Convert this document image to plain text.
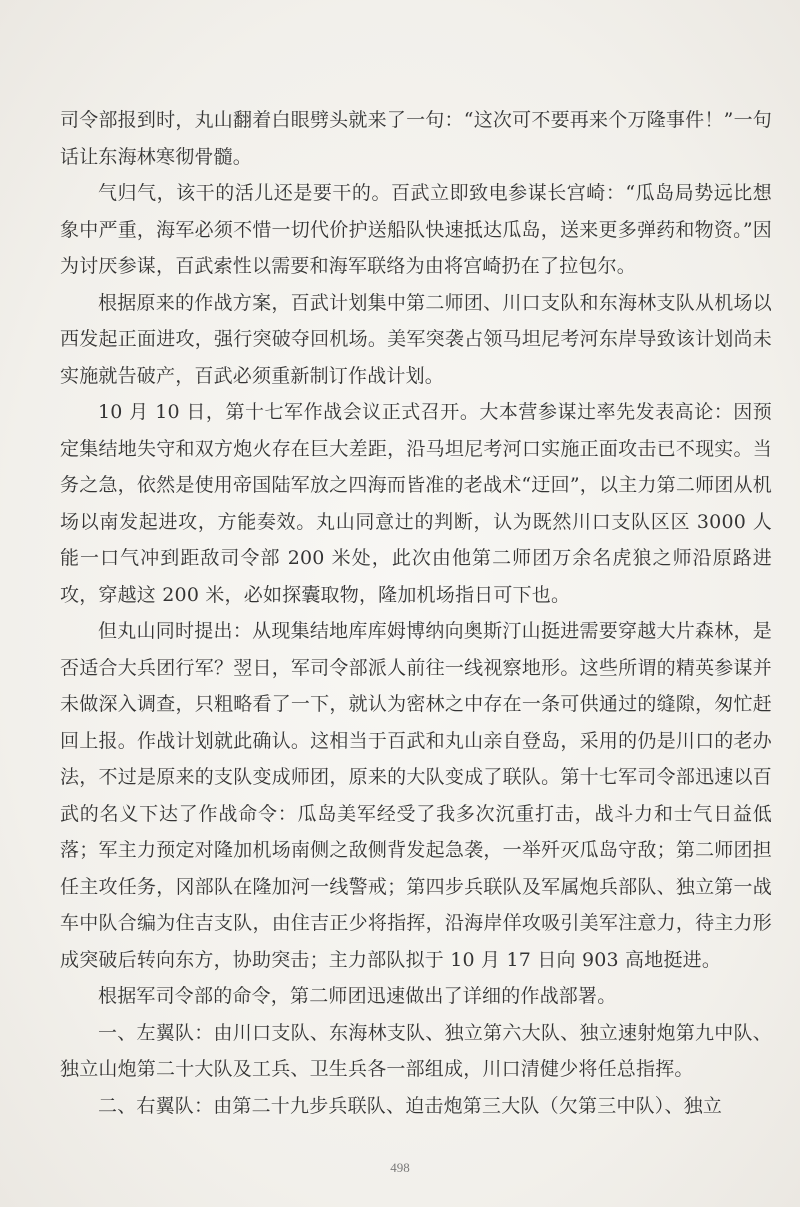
司令部报到时，丸山翻着白眼劈头就来了一句：“这次可不要再来个万隆事件！”一句话让东海林寒彻骨髓。

气归气，该干的活儿还是要干的。百武立即致电参谋长宫崎：“瓜岛局势远比想象中严重，海军必须不惜一切代价护送船队快速抵达瓜岛，送来更多弹药和物资。”因为讨厌参谋，百武索性以需要和海军联络为由将宫崎扔在了拉包尔。

根据原来的作战方案，百武计划集中第二师团、川口支队和东海林支队从机场以西发起正面进攻，强行突破夺回机场。美军突袭占领马坦尼考河东岸导致该计划尚未实施就告破产，百武必须重新制订作战计划。

10 月 10 日，第十七军作战会议正式召开。大本营参谋辻率先发表高论：因预定集结地失守和双方炮火存在巨大差距，沿马坦尼考河口实施正面攻击已不现实。当务之急，依然是使用帝国陆军放之四海而皆准的老战术“迂回”，以主力第二师团从机场以南发起进攻，方能奏效。丸山同意辻的判断，认为既然川口支队区区 3000 人能一口气冲到距敌司令部 200 米处，此次由他第二师团万余名虎狼之师沿原路进攻，穿越这 200 米，必如探囊取物，隆加机场指日可下也。

但丸山同时提出：从现集结地库库姆博纳向奥斯汀山挺进需要穿越大片森林，是否适合大兵团行军？翌日，军司令部派人前往一线视察地形。这些所谓的精英参谋并未做深入调查，只粗略看了一下，就认为密林之中存在一条可供通过的缝隙，匆忙赶回上报。作战计划就此确认。这相当于百武和丸山亲自登岛，采用的仍是川口的老办法，不过是原来的支队变成师团，原来的大队变成了联队。第十七军司令部迅速以百武的名义下达了作战命令：瓜岛美军经受了我多次沉重打击，战斗力和士气日益低落；军主力预定对隆加机场南侧之敌侧背发起急袭，一举歼灭瓜岛守敌；第二师团担任主攻任务，冈部队在隆加河一线警戒；第四步兵联队及军属炮兵部队、独立第一战车中队合编为住吉支队，由住吉正少将指挥，沿海岸佯攻吸引美军注意力，待主力形成突破后转向东方，协助突击；主力部队拟于 10 月 17 日向 903 高地挺进。

根据军司令部的命令，第二师团迅速做出了详细的作战部署。

一、左翼队：由川口支队、东海林支队、独立第六大队、独立速射炮第九中队、独立山炮第二十大队及工兵、卫生兵各一部组成，川口清健少将任总指挥。

二、右翼队：由第二十九步兵联队、迫击炮第三大队（欠第三中队）、独立

498
